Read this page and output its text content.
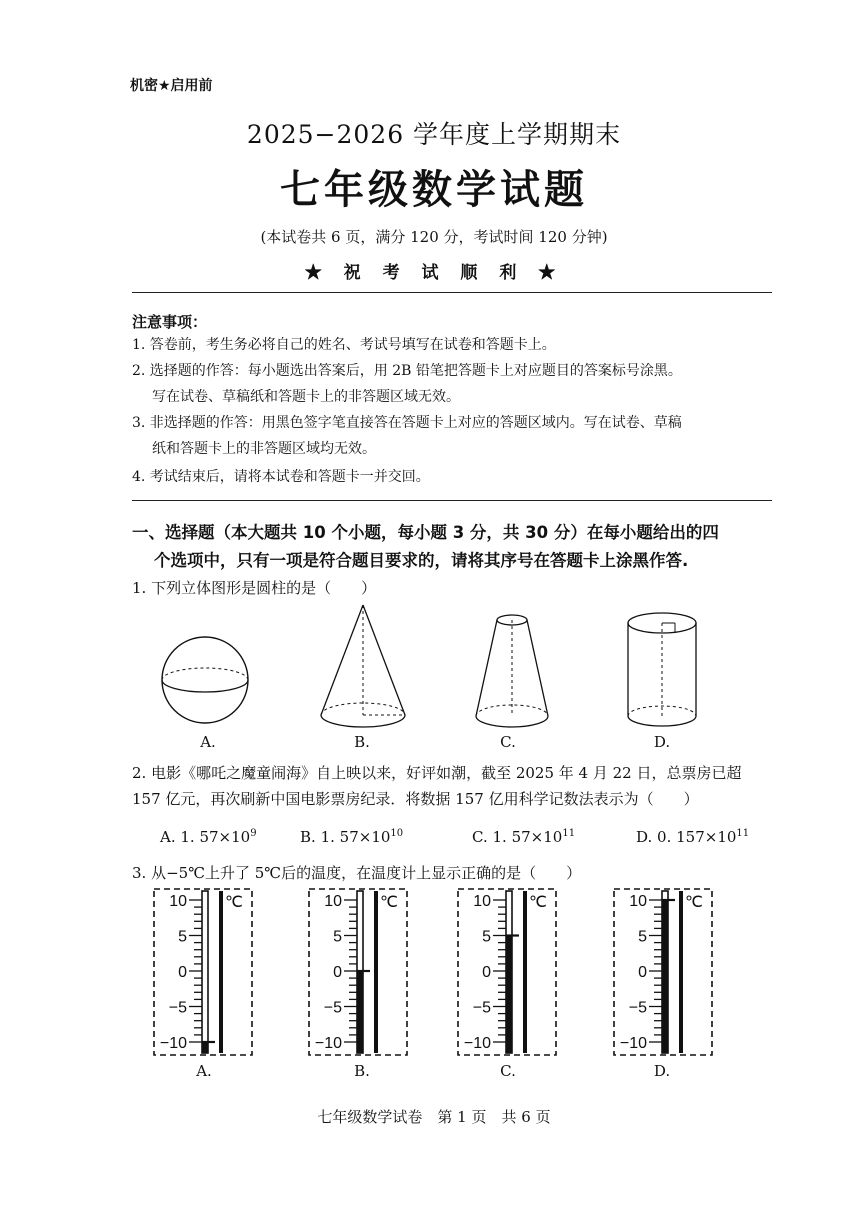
机密★启用前
2025−2026 学年度上学期期末
七年级数学试题
(本试卷共 6 页，满分 120 分，考试时间 120 分钟)
★ 祝 考 试 顺 利 ★
注意事项：
1. 答卷前，考生务必将自己的姓名、考试号填写在试卷和答题卡上。
2. 选择题的作答：每小题选出答案后，用 2B 铅笔把答题卡上对应题目的答案标号涂黑。
写在试卷、草稿纸和答题卡上的非答题区域无效。
3. 非选择题的作答：用黑色签字笔直接答在答题卡上对应的答题区域内。写在试卷、草稿
纸和答题卡上的非答题区域均无效。
4. 考试结束后，请将本试卷和答题卡一并交回。
一、选择题（本大题共 10 个小题，每小题 3 分，共 30 分）在每小题给出的四
个选项中，只有一项是符合题目要求的，请将其序号在答题卡上涂黑作答.
1. 下列立体图形是圆柱的是（　　）
A.	B.	C.	D.
2. 电影《哪吒之魔童闹海》自上映以来，好评如潮，截至 2025 年 4 月 22 日，总票房已超
157 亿元，再次刷新中国电影票房纪录．将数据 157 亿用科学记数法表示为（　　）
A. 1. $57\times 10^9$	B. 1. $57\times 10^{10}$	C. 1. $57\times 10^{11}$	D. 0. $157\times 10^{11}$
3. 从−5℃上升了 5℃后的温度，在温度计上显示正确的是（　　）
10
5
0
−5
−10
℃	10
5
0
−5
−10
℃	10
5
0
−5
−10
℃	10
5
0
−5
−10
℃
A.	B.	C.	D.
七年级数学试卷　第 1 页　共 6 页
